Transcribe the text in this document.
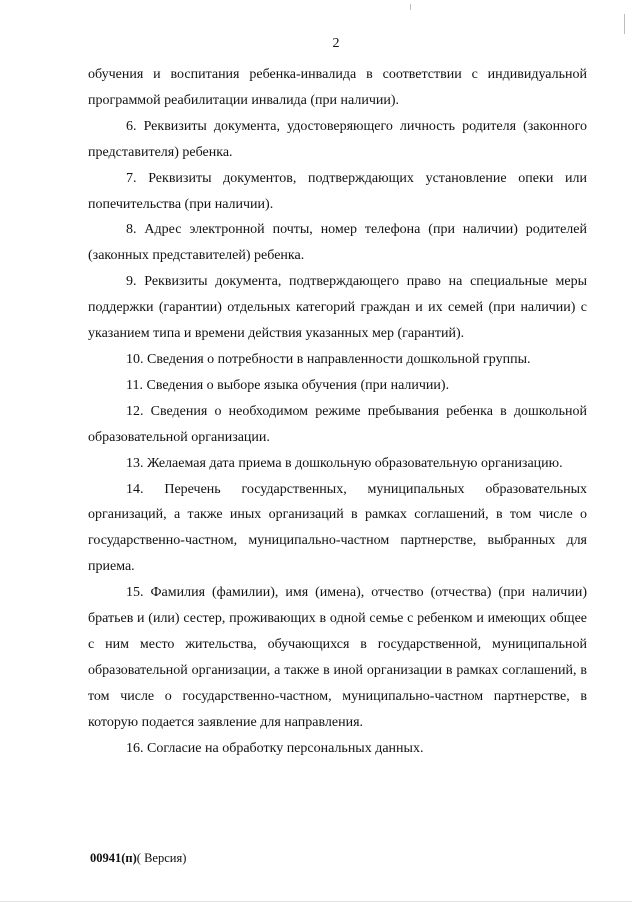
2

обучения и воспитания ребенка-инвалида в соответствии с индивидуальной программой реабилитации инвалида (при наличии).

6. Реквизиты документа, удостоверяющего личность родителя (законного представителя) ребенка.

7. Реквизиты документов, подтверждающих установление опеки или попечительства (при наличии).

8. Адрес электронной почты, номер телефона (при наличии) родителей (законных представителей) ребенка.

9. Реквизиты документа, подтверждающего право на специальные меры поддержки (гарантии) отдельных категорий граждан и их семей (при наличии) с указанием типа и времени действия указанных мер (гарантий).

10. Сведения о потребности в направленности дошкольной группы.

11. Сведения о выборе языка обучения (при наличии).

12. Сведения о необходимом режиме пребывания ребенка в дошкольной образовательной организации.

13. Желаемая дата приема в дошкольную образовательную организацию.

14. Перечень государственных, муниципальных образовательных организаций, а также иных организаций в рамках соглашений, в том числе о государственно-частном, муниципально-частном партнерстве, выбранных для приема.

15. Фамилия (фамилии), имя (имена), отчество (отчества) (при наличии) братьев и (или) сестер, проживающих в одной семье с ребенком и имеющих общее с ним место жительства, обучающихся в государственной, муниципальной образовательной организации, а также в иной организации в рамках соглашений, в том числе о государственно-частном, муниципально-частном партнерстве, в которую подается заявление для направления.

16. Согласие на обработку персональных данных.

00941(п)( Версия)
